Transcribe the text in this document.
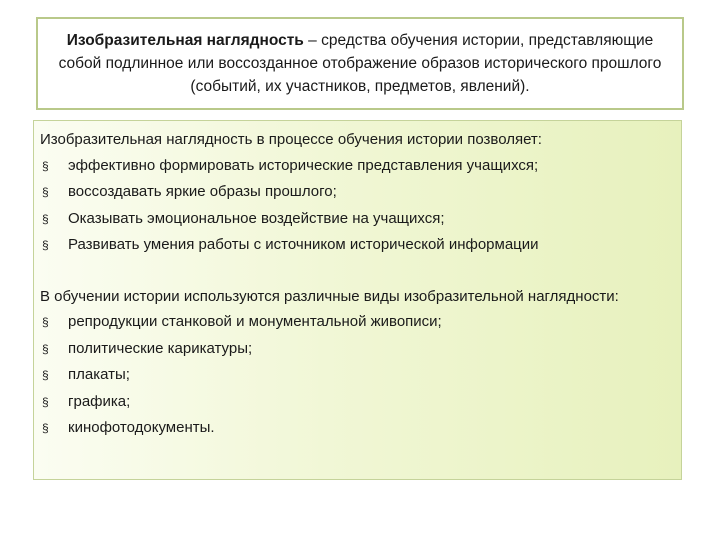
Изобразительная наглядность – средства обучения истории, представляющие собой подлинное или воссозданное отображение образов исторического прошлого (событий, их участников, предметов, явлений).

Изобразительная наглядность в процессе обучения истории позволяет:

§	эффективно формировать исторические представления учащихся;
§	воссоздавать яркие образы прошлого;
§	Оказывать эмоциональное воздействие на учащихся;
§	Развивать умения работы с источником исторической информации

В обучении истории используются различные виды изобразительной наглядности:

§	репродукции станковой и монументальной живописи;
§	политические карикатуры;
§	плакаты;
§	графика;
§	кинофотодокументы.
